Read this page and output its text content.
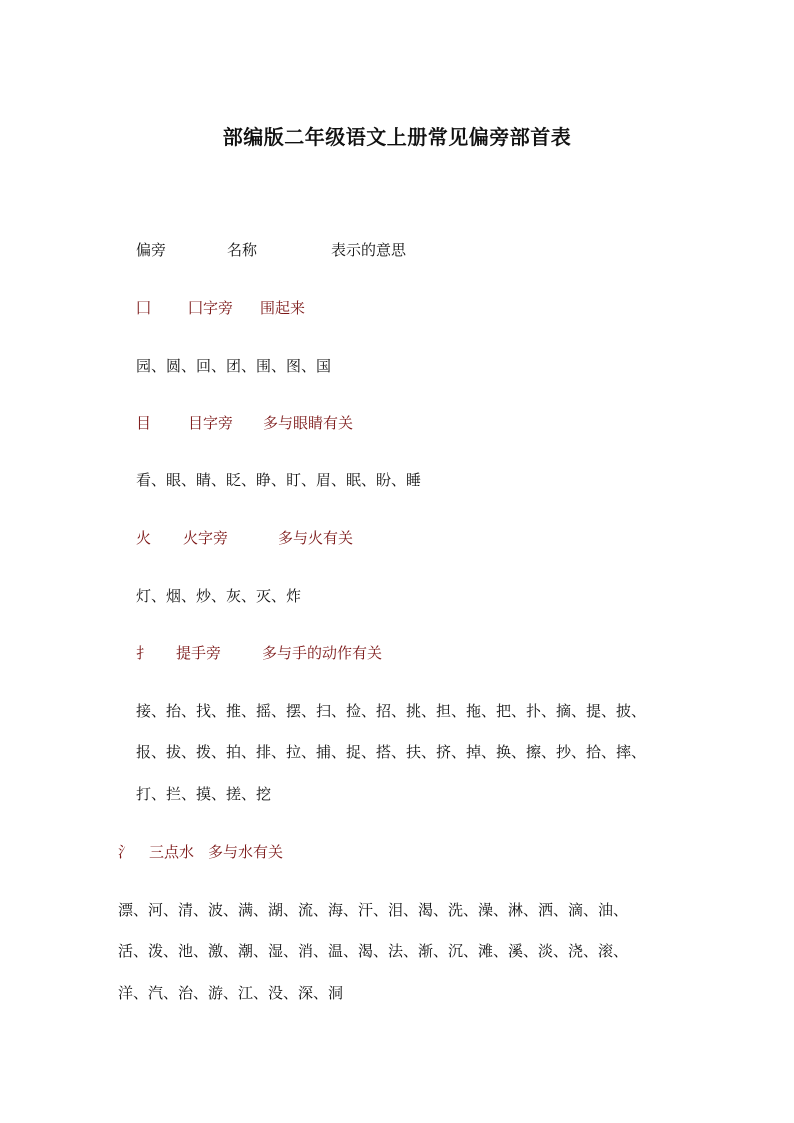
部编版二年级语文上册常见偏旁部首表
偏旁	名称	表示的意思
囗 囗字旁 围起来
园、圆、回、团、围、图、国
目 目字旁 多与眼睛有关
看、眼、睛、眨、睁、盯、眉、眠、盼、睡
火 火字旁	多与火有关
灯、烟、炒、灰、灭、炸
扌 提手旁	多与手的动作有关
接、抬、找、推、摇、摆、扫、捡、招、挑、担、拖、把、扑、摘、提、披、
报、拔、拨、拍、排、拉、捕、捉、搭、扶、挤、掉、换、擦、抄、拾、摔、
打、拦、摸、搓、挖
氵 三点水 多与水有关
漂、河、清、波、满、湖、流、海、汗、泪、渴、洗、澡、淋、洒、滴、油、
活、泼、池、激、潮、湿、消、温、渴、法、渐、沉、滩、溪、淡、浇、滚、
洋、汽、治、游、江、没、深、洞
